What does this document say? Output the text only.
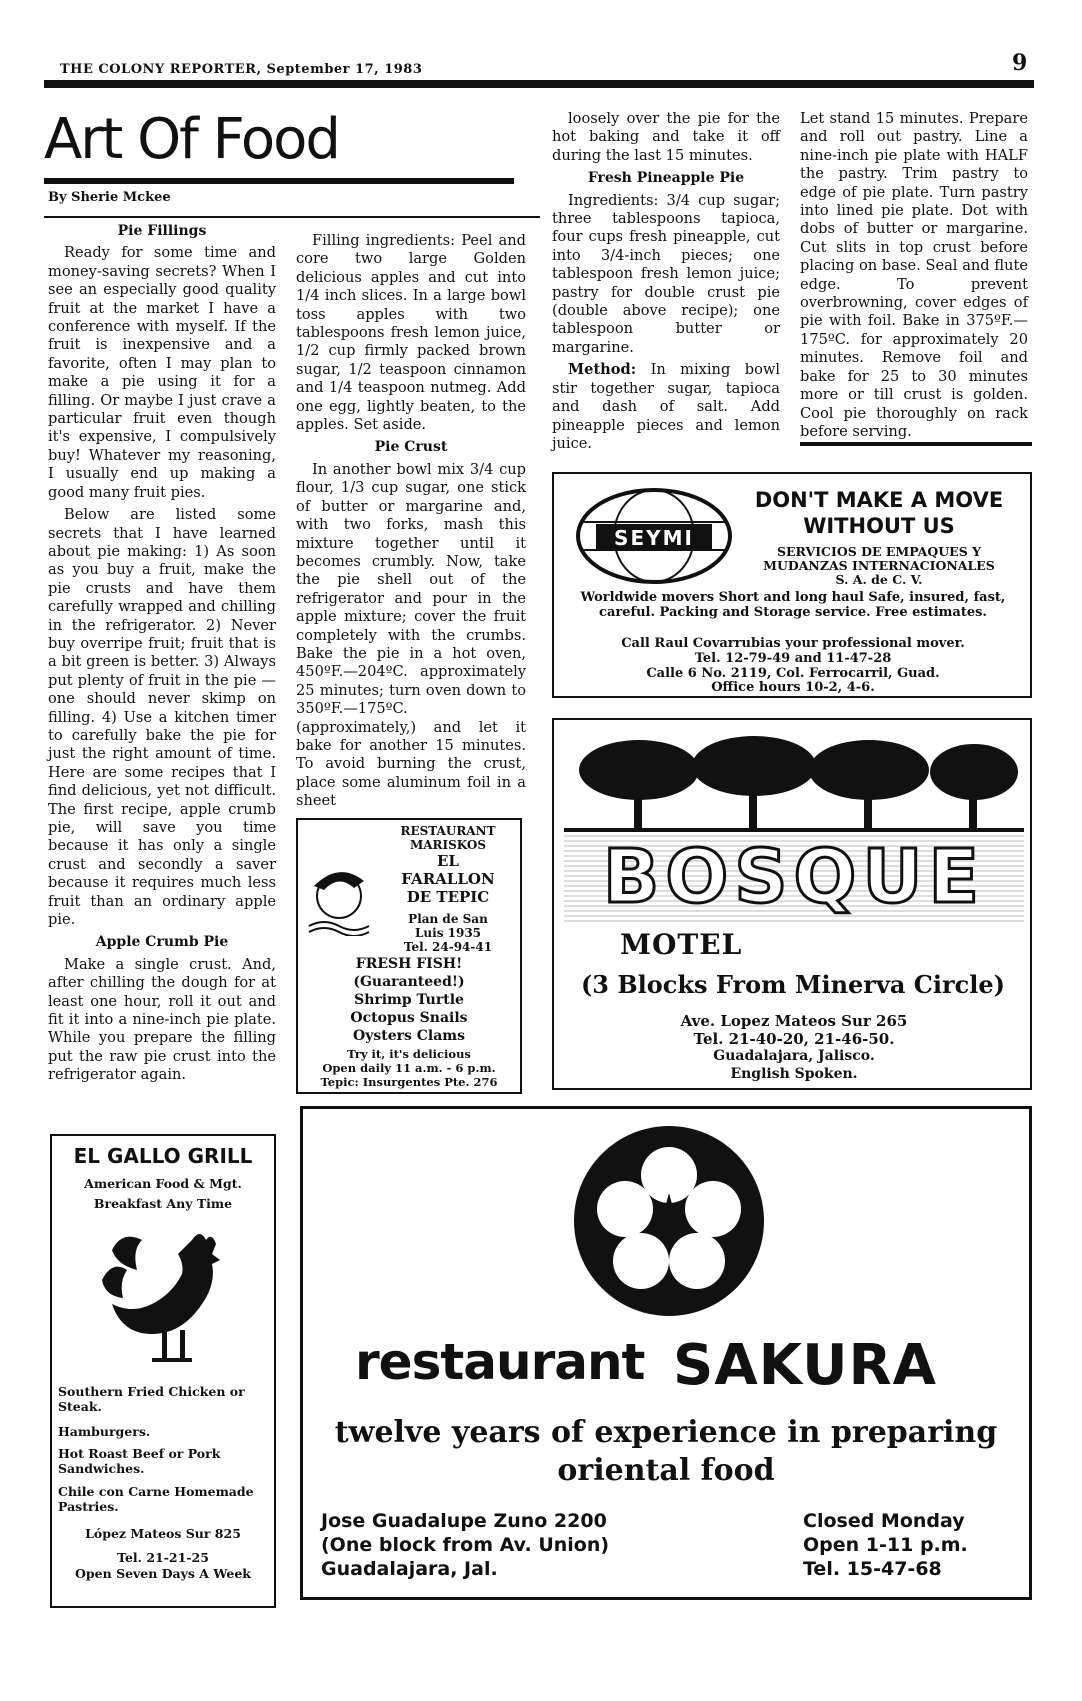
THE COLONY REPORTER, September 17, 1983	9
Art Of Food
By Sherie Mckee

Pie Fillings

Ready for some time and money-saving secrets? When I see an especially good quality fruit at the market I have a conference with myself. If the fruit is inexpensive and a favorite, often I may plan to make a pie using it for a filling. Or maybe I just crave a particular fruit even though it's expensive, I compulsively buy! Whatever my reasoning, I usually end up making a good many fruit pies.

Below are listed some secrets that I have learned about pie making: 1) As soon as you buy a fruit, make the pie crusts and have them carefully wrapped and chilling in the refrigerator. 2) Never buy overripe fruit; fruit that is a bit green is better. 3) Always put plenty of fruit in the pie — one should never skimp on filling. 4) Use a kitchen timer to carefully bake the pie for just the right amount of time. Here are some recipes that I find delicious, yet not difficult. The first recipe, apple crumb pie, will save you time because it has only a single crust and secondly a saver because it requires much less fruit than an ordinary apple pie.

Apple Crumb Pie

Make a single crust. And, after chilling the dough for at least one hour, roll it out and fit it into a nine-inch pie plate. While you prepare the filling put the raw pie crust into the refrigerator again.

Filling ingredients: Peel and core two large Golden delicious apples and cut into 1/4 inch slices. In a large bowl toss apples with two tablespoons fresh lemon juice, 1/2 cup firmly packed brown sugar, 1/2 teaspoon cinnamon and 1/4 teaspoon nutmeg. Add one egg, lightly beaten, to the apples. Set aside.

Pie Crust

In another bowl mix 3/4 cup flour, 1/3 cup sugar, one stick of butter or margarine and, with two forks, mash this mixture together until it becomes crumbly. Now, take the pie shell out of the refrigerator and pour in the apple mixture; cover the fruit completely with the crumbs. Bake the pie in a hot oven, 450ºF.—204ºC. approximately 25 minutes; turn oven down to 350ºF.—175ºC. (approximately,) and let it bake for another 15 minutes. To avoid burning the crust, place some aluminum foil in a sheet

loosely over the pie for the hot baking and take it off during the last 15 minutes.

Fresh Pineapple Pie

Ingredients: 3/4 cup sugar; three tablespoons tapioca, four cups fresh pineapple, cut into 3/4-inch pieces; one tablespoon fresh lemon juice; pastry for double crust pie (double above recipe); one tablespoon butter or margarine.

Method: In mixing bowl stir together sugar, tapioca and dash of salt. Add pineapple pieces and lemon juice.

Let stand 15 minutes. Prepare and roll out pastry. Line a nine-inch pie plate with HALF the pastry. Trim pastry to edge of pie plate. Turn pastry into lined pie plate. Dot with dobs of butter or margarine. Cut slits in top crust before placing on base. Seal and flute edge. To prevent overbrowning, cover edges of pie with foil. Bake in 375ºF.—175ºC. for approximately 20 minutes. Remove foil and bake for 25 to 30 minutes more or till crust is golden. Cool pie thoroughly on rack before serving.

SEYMI
DON'T MAKE A MOVE
WITHOUT US
SERVICIOS DE EMPAQUES Y
MUDANZAS INTERNACIONALES
S. A. de C. V.
Worldwide movers Short and long haul Safe, insured, fast, careful. Packing and Storage service. Free estimates.
Call Raul Covarrubias your professional mover.
Tel. 12-79-49 and 11-47-28
Calle 6 No. 2119, Col. Ferrocarril, Guad.
Office hours 10-2, 4-6.
BOSQUE
MOTEL
(3 Blocks From Minerva Circle)
Ave. Lopez Mateos Sur 265
Tel. 21-40-20, 21-46-50.
Guadalajara, Jalisco.
English Spoken.
RESTAURANT
MARISKOS
EL
FARALLON
DE TEPIC
Plan de San
Luis 1935
Tel. 24-94-41
FRESH FISH!
(Guaranteed!)
Shrimp Turtle
Octopus Snails
Oysters Clams
Try it, it's delicious
Open daily 11 a.m. - 6 p.m.
Tepic: Insurgentes Pte. 276
EL GALLO GRILL
American Food & Mgt.
Breakfast Any Time
Southern Fried Chicken or Steak.
Hamburgers.
Hot Roast Beef or Pork Sandwiches.
Chile con Carne Homemade Pastries.
López Mateos Sur 825
Tel. 21-21-25
Open Seven Days A Week
restaurant SAKURA
twelve years of experience in preparing
oriental food
Jose Guadalupe Zuno 2200
(One block from Av. Union)
Guadalajara, Jal.
Closed Monday
Open 1-11 p.m.
Tel. 15-47-68
